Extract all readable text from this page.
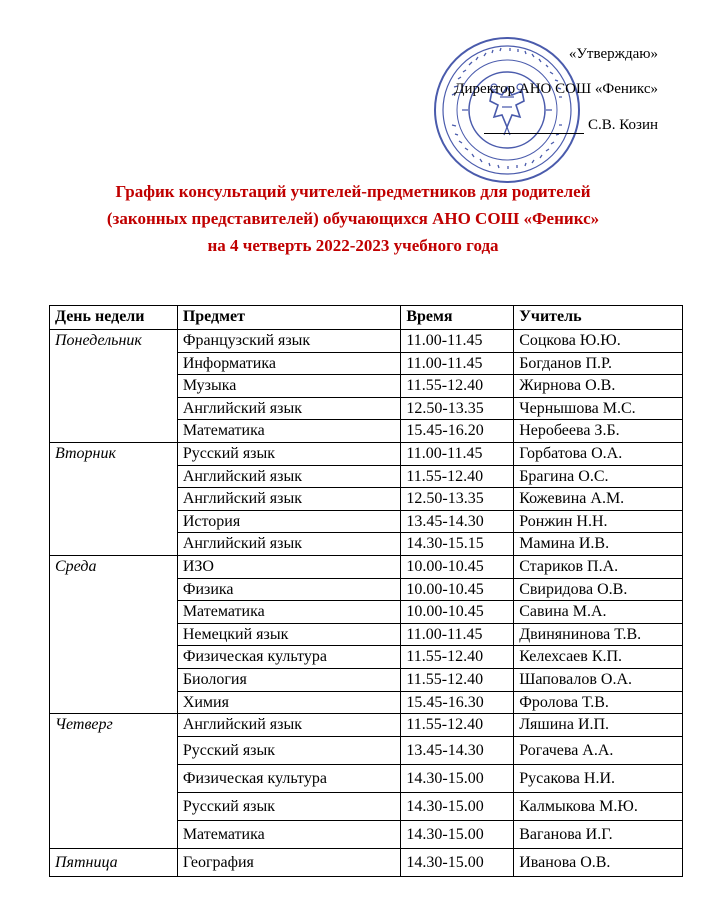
«Утверждаю»
Директор АНО СОШ «Феникс»
С.В. Козин
График консультаций учителей-предметников для родителей
(законных представителей) обучающихся АНО СОШ «Феникс»
на 4 четверть 2022-2023 учебного года
День недели	Предмет	Время	Учитель
Понедельник	Французский язык	11.00-11.45	Соцкова Ю.Ю.
	Информатика	11.00-11.45	Богданов П.Р.
	Музыка	11.55-12.40	Жирнова О.В.
	Английский язык	12.50-13.35	Чернышова М.С.
	Математика	15.45-16.20	Неробеева З.Б.
Вторник	Русский язык	11.00-11.45	Горбатова О.А.
	Английский язык	11.55-12.40	Брагина О.С.
	Английский язык	12.50-13.35	Кожевина А.М.
	История	13.45-14.30	Ронжин Н.Н.
	Английский язык	14.30-15.15	Мамина И.В.
Среда	ИЗО	10.00-10.45	Стариков П.А.
	Физика	10.00-10.45	Свиридова О.В.
	Математика	10.00-10.45	Савина М.А.
	Немецкий язык	11.00-11.45	Двинянинова Т.В.
	Физическая культура	11.55-12.40	Келехсаев К.П.
	Биология	11.55-12.40	Шаповалов О.А.
	Химия	15.45-16.30	Фролова Т.В.
Четверг	Английский язык	11.55-12.40	Ляшина И.П.
	Русский язык	13.45-14.30	Рогачева А.А.
	Физическая культура	14.30-15.00	Русакова Н.И.
	Русский язык	14.30-15.00	Калмыкова М.Ю.
	Математика	14.30-15.00	Ваганова И.Г.
Пятница	География	14.30-15.00	Иванова О.В.
